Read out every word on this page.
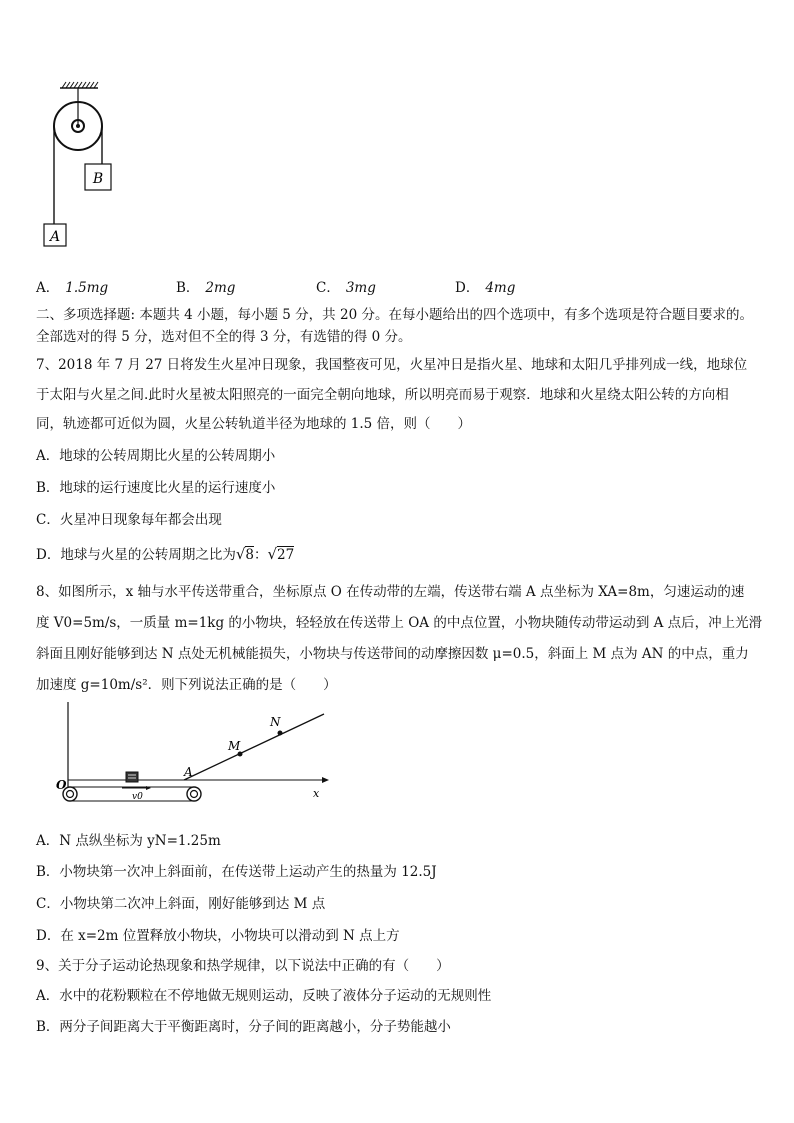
B
A
A． 1.5mg	B． 2mg	C． 3mg	D． 4mg
二、多项选择题: 本题共 4 小题，每小题 5 分，共 20 分。在每小题给出的四个选项中，有多个选项是符合题目要求的。
全部选对的得 5 分，选对但不全的得 3 分，有选错的得 0 分。
7、2018 年 7 月 27 日将发生火星冲日现象，我国整夜可见，火星冲日是指火星、地球和太阳几乎排列成一线，地球位
于太阳与火星之间.此时火星被太阳照亮的一面完全朝向地球，所以明亮而易于观察．地球和火星绕太阳公转的方向相
同，轨迹都可近似为圆，火星公转轨道半径为地球的 1.5 倍，则（　　）
A．地球的公转周期比火星的公转周期小
B．地球的运行速度比火星的运行速度小
C．火星冲日现象每年都会出现
D．地球与火星的公转周期之比为√8：√27
8、如图所示，x 轴与水平传送带重合，坐标原点 O 在传动带的左端，传送带右端 A 点坐标为 XA=8m，匀速运动的速
度 V0=5m/s，一质量 m=1kg 的小物块，轻轻放在传送带上 OA 的中点位置，小物块随传动带运动到 A 点后，冲上光滑
斜面且刚好能够到达 N 点处无机械能损失，小物块与传送带间的动摩擦因数 μ=0.5，斜面上 M 点为 AN 的中点，重力
加速度 g=10m/s²．则下列说法正确的是（　　）
x
O
v0
A
M
N
A．N 点纵坐标为 yN=1.25m
B．小物块第一次冲上斜面前，在传送带上运动产生的热量为 12.5J
C．小物块第二次冲上斜面，刚好能够到达 M 点
D．在 x=2m 位置释放小物块，小物块可以滑动到 N 点上方
9、关于分子运动论热现象和热学规律，以下说法中正确的有（　　）
A．水中的花粉颗粒在不停地做无规则运动，反映了液体分子运动的无规则性
B．两分子间距离大于平衡距离时，分子间的距离越小，分子势能越小
